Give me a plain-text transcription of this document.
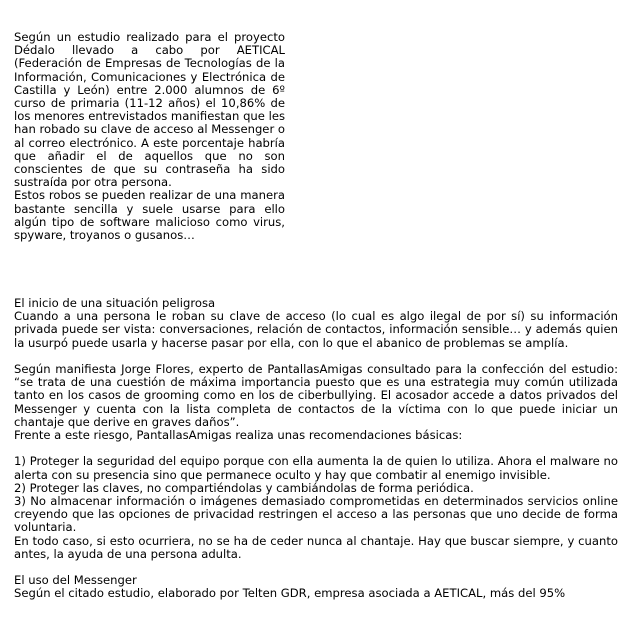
Según un estudio realizado para el proyecto Dédalo llevado a cabo por AETICAL (Federación de Empresas de Tecnologías de la Información, Comunicaciones y Electrónica de Castilla y León) entre 2.000 alumnos de 6º curso de primaria (11-12 años) el 10,86% de los menores entrevistados manifiestan que les han robado su clave de acceso al Messenger o al correo electrónico. A este porcentaje habría que añadir el de aquellos que no son conscientes de que su contraseña ha sido sustraída por otra persona.

Estos robos se pueden realizar de una manera bastante sencilla y suele usarse para ello algún tipo de software malicioso como virus, spyware, troyanos o gusanos…

El inicio de una situación peligrosa

Cuando a una persona le roban su clave de acceso (lo cual es algo ilegal de por sí) su información privada puede ser vista: conversaciones, relación de contactos, información sensible… y además quien la usurpó puede usarla y hacerse pasar por ella, con lo que el abanico de problemas se amplía.

Según manifiesta Jorge Flores, experto de PantallasAmigas consultado para la confección del estudio: “se trata de una cuestión de máxima importancia puesto que es una estrategia muy común utilizada tanto en los casos de grooming como en los de ciberbullying. El acosador accede a datos privados del Messenger y cuenta con la lista completa de contactos de la víctima con lo que puede iniciar un chantaje que derive en graves daños”.

Frente a este riesgo, PantallasAmigas realiza unas recomendaciones básicas:

1) Proteger la seguridad del equipo porque con ella aumenta la de quien lo utiliza. Ahora el malware no alerta con su presencia sino que permanece oculto y hay que combatir al enemigo invisible.

2) Proteger las claves, no compartiéndolas y cambiándolas de forma periódica.

3) No almacenar información o imágenes demasiado comprometidas en determinados servicios online creyendo que las opciones de privacidad restringen el acceso a las personas que uno decide de forma voluntaria.

En todo caso, si esto ocurriera, no se ha de ceder nunca al chantaje. Hay que buscar siempre, y cuanto antes, la ayuda de una persona adulta.

El uso del Messenger

Según el citado estudio, elaborado por Telten GDR, empresa asociada a AETICAL, más del 95%
